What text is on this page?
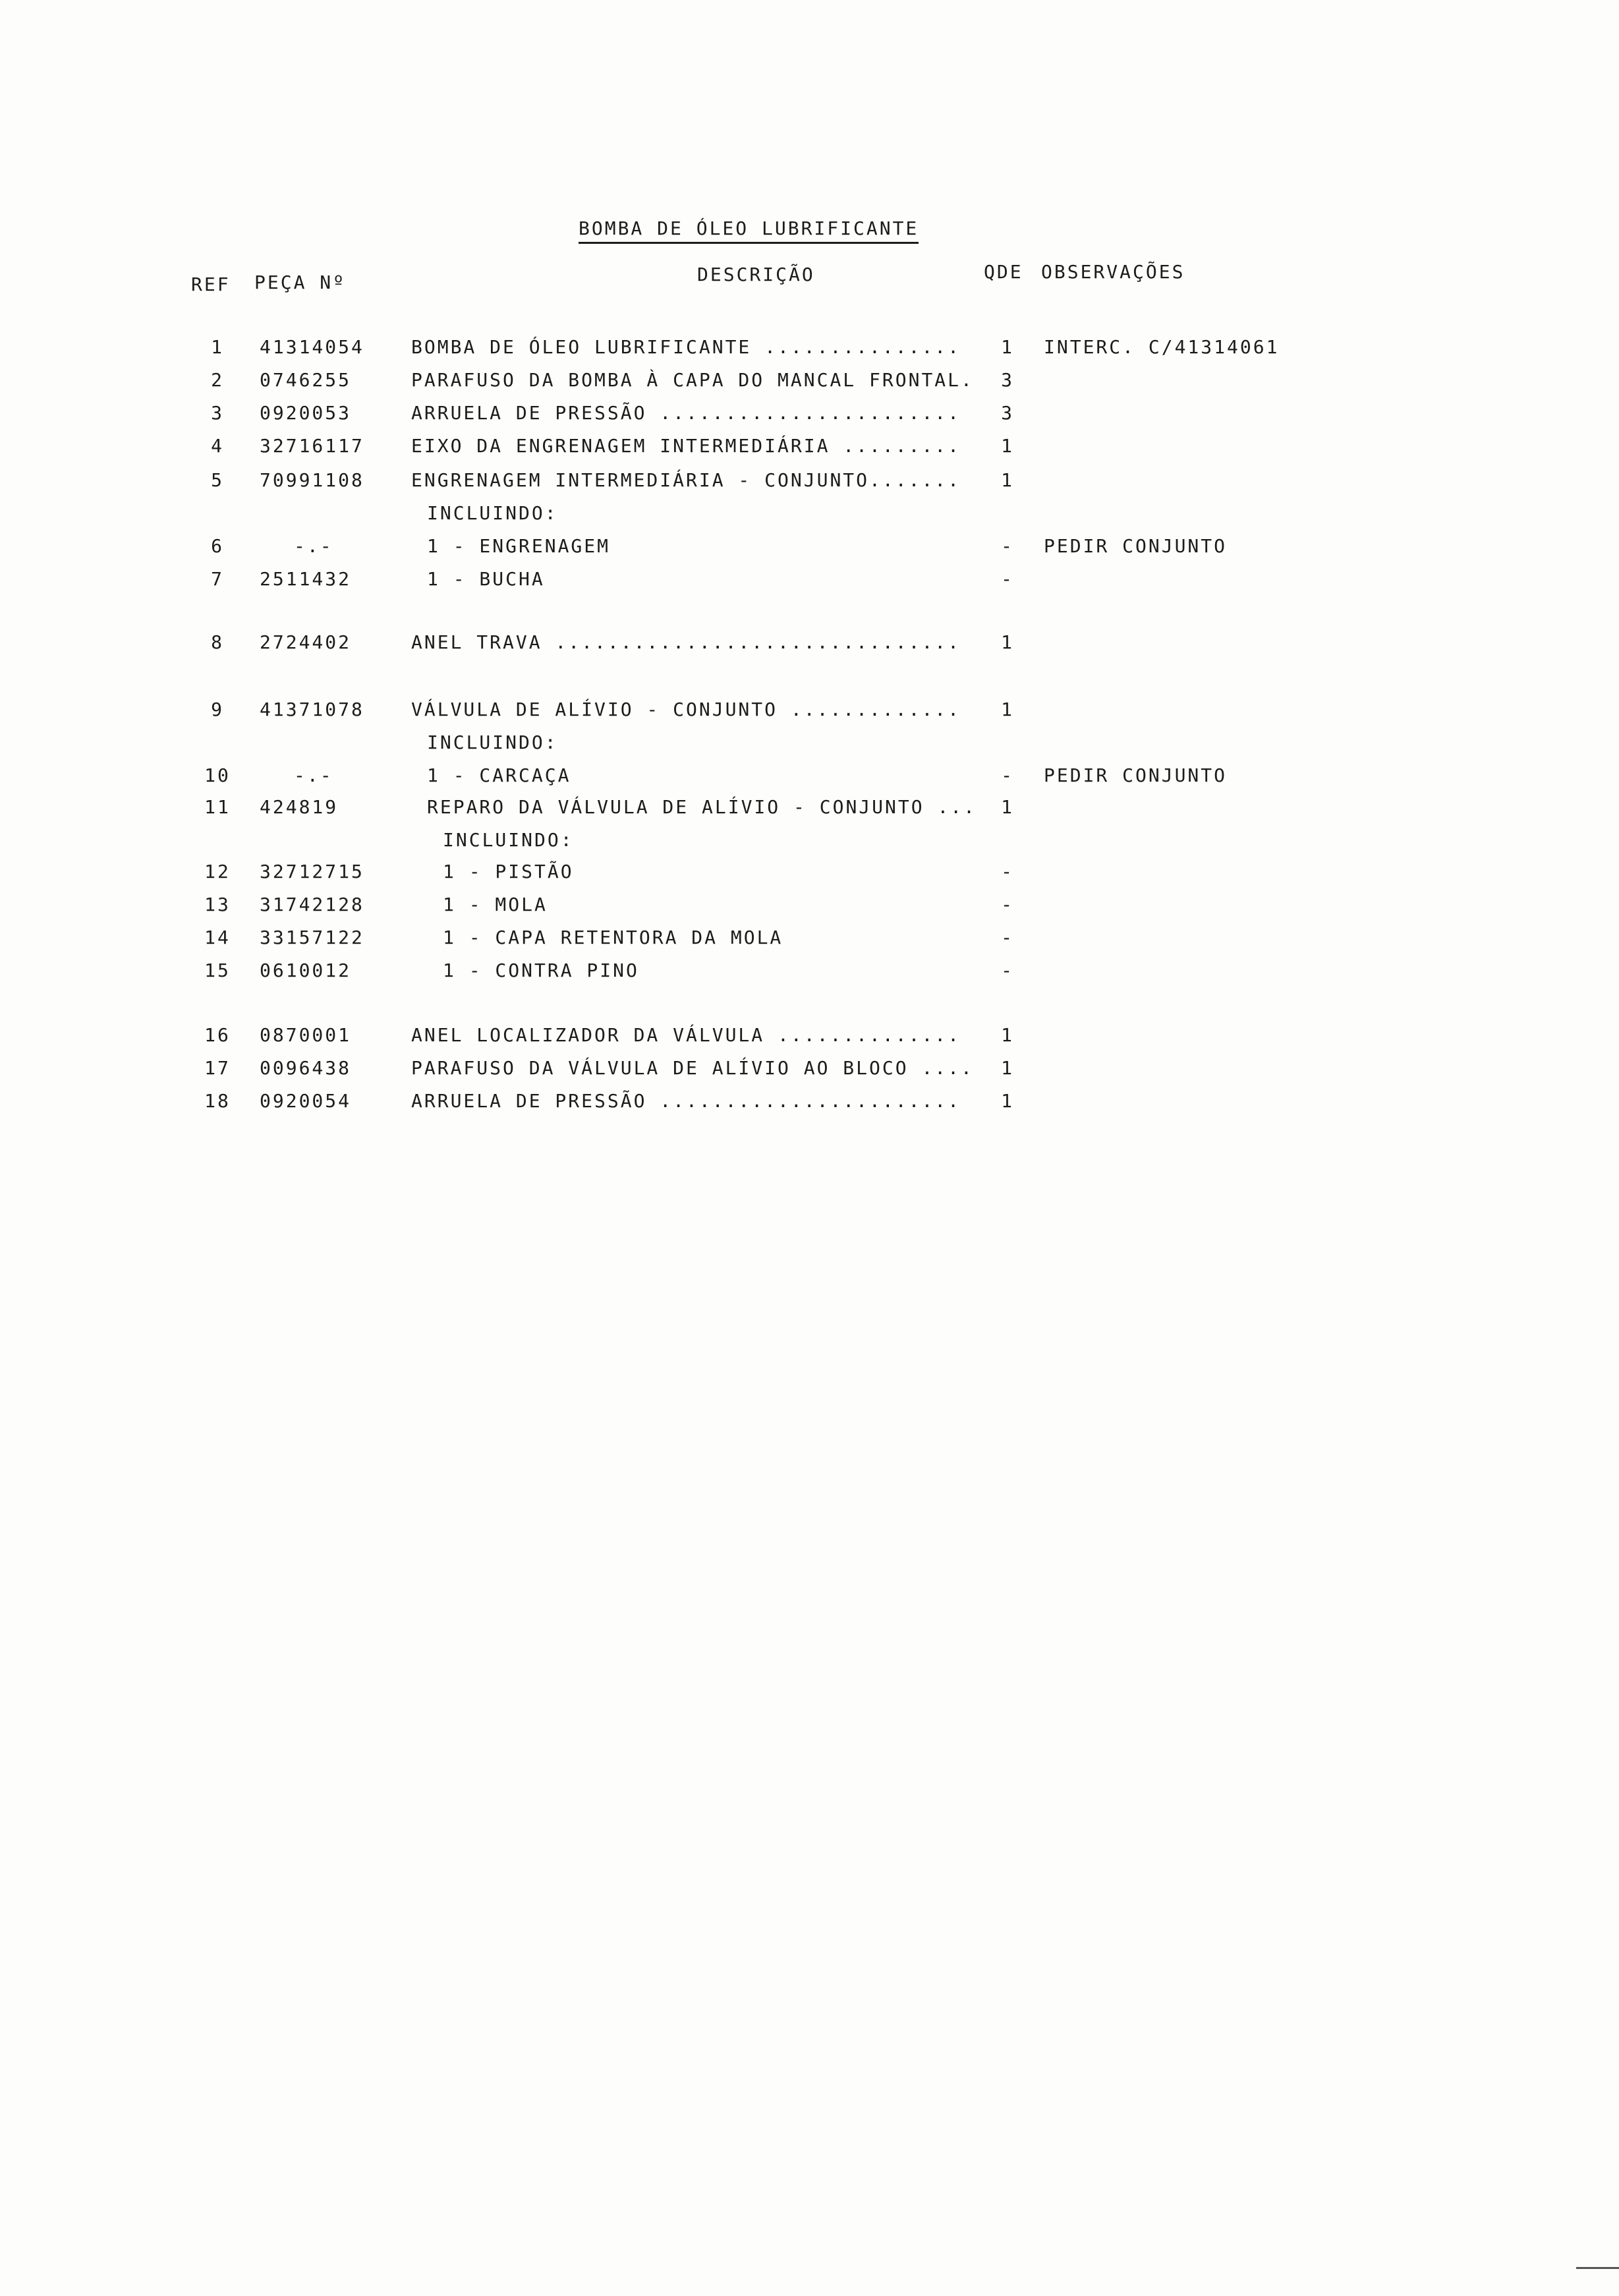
BOMBA DE ÓLEO LUBRIFICANTE
REF PEÇA Nº	DESCRIÇÃO	QDE OBSERVAÇÕES
1	41314054	BOMBA DE ÓLEO LUBRIFICANTE ............... 1 INTERC. C/41314061
2	0746255	PARAFUSO DA BOMBA À CAPA DO MANCAL FRONTAL. 3
3	0920053	ARRUELA DE PRESSÃO ....................... 3
4	32716117	EIXO DA ENGRENAGEM INTERMEDIÁRIA ......... 1
5	70991108	ENGRENAGEM INTERMEDIÁRIA - CONJUNTO....... 1
INCLUINDO:
6	-.-	1 - ENGRENAGEM	- PEDIR CONJUNTO
7	2511432	1 - BUCHA	-
8	2724402	ANEL TRAVA ............................... 1
9	41371078	VÁLVULA DE ALÍVIO - CONJUNTO ............. 1
INCLUINDO:
10	-.-	1 - CARCAÇA	- PEDIR CONJUNTO
11	424819	REPARO DA VÁLVULA DE ALÍVIO - CONJUNTO ... 1
INCLUINDO:
12	32712715	1 - PISTÃO	-
13	31742128	1 - MOLA	-
14	33157122	1 - CAPA RETENTORA DA MOLA	-
15	0610012	1 - CONTRA PINO	-
16	0870001	ANEL LOCALIZADOR DA VÁLVULA .............. 1
17	0096438	PARAFUSO DA VÁLVULA DE ALÍVIO AO BLOCO .... 1
18	0920054	ARRUELA DE PRESSÃO ....................... 1
